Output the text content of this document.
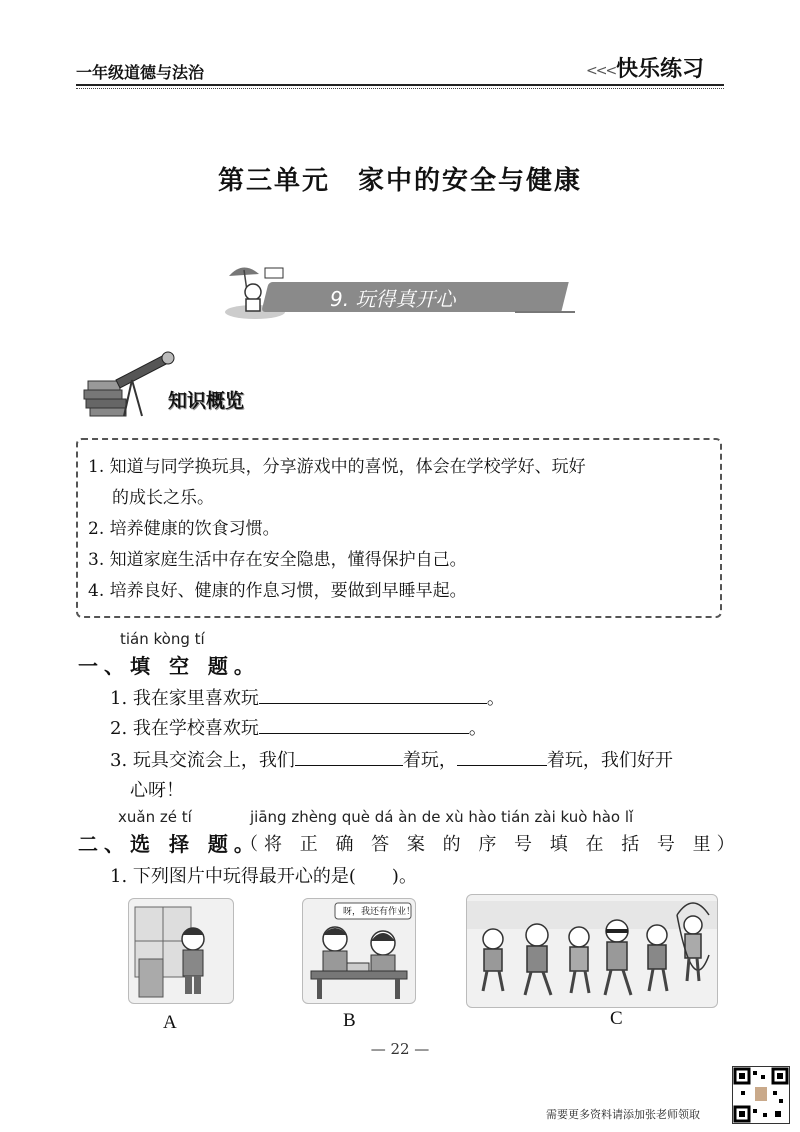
一年级道德与法治	<<< 快乐练习
第三单元　家中的安全与健康
9. 玩得真开心
知识概览
1. 知道与同学换玩具，分享游戏中的喜悦，体会在学校学好、玩好
的成长之乐。
2. 培养健康的饮食习惯。
3. 知道家庭生活中存在安全隐患，懂得保护自己。
4. 培养良好、健康的作息习惯，要做到早睡早起。
tián kòng tí
一、填 空 题。
1. 我在家里喜欢玩	。
2. 我在学校喜欢玩	。
3. 玩具交流会上，我们	着玩，	着玩，我们好开
心呀！
xuǎn zé tí	jiāng zhèng què dá àn de xù hào tián zài kuò hào lǐ
二、选 择 题。
（将 正 确 答 案 的 序 号 填 在 括 号 里）
1. 下列图片中玩得最开心的是(　　)。
A
呀，我还有作业！
B	C
— 22 —
需要更多资料请添加张老师领取
